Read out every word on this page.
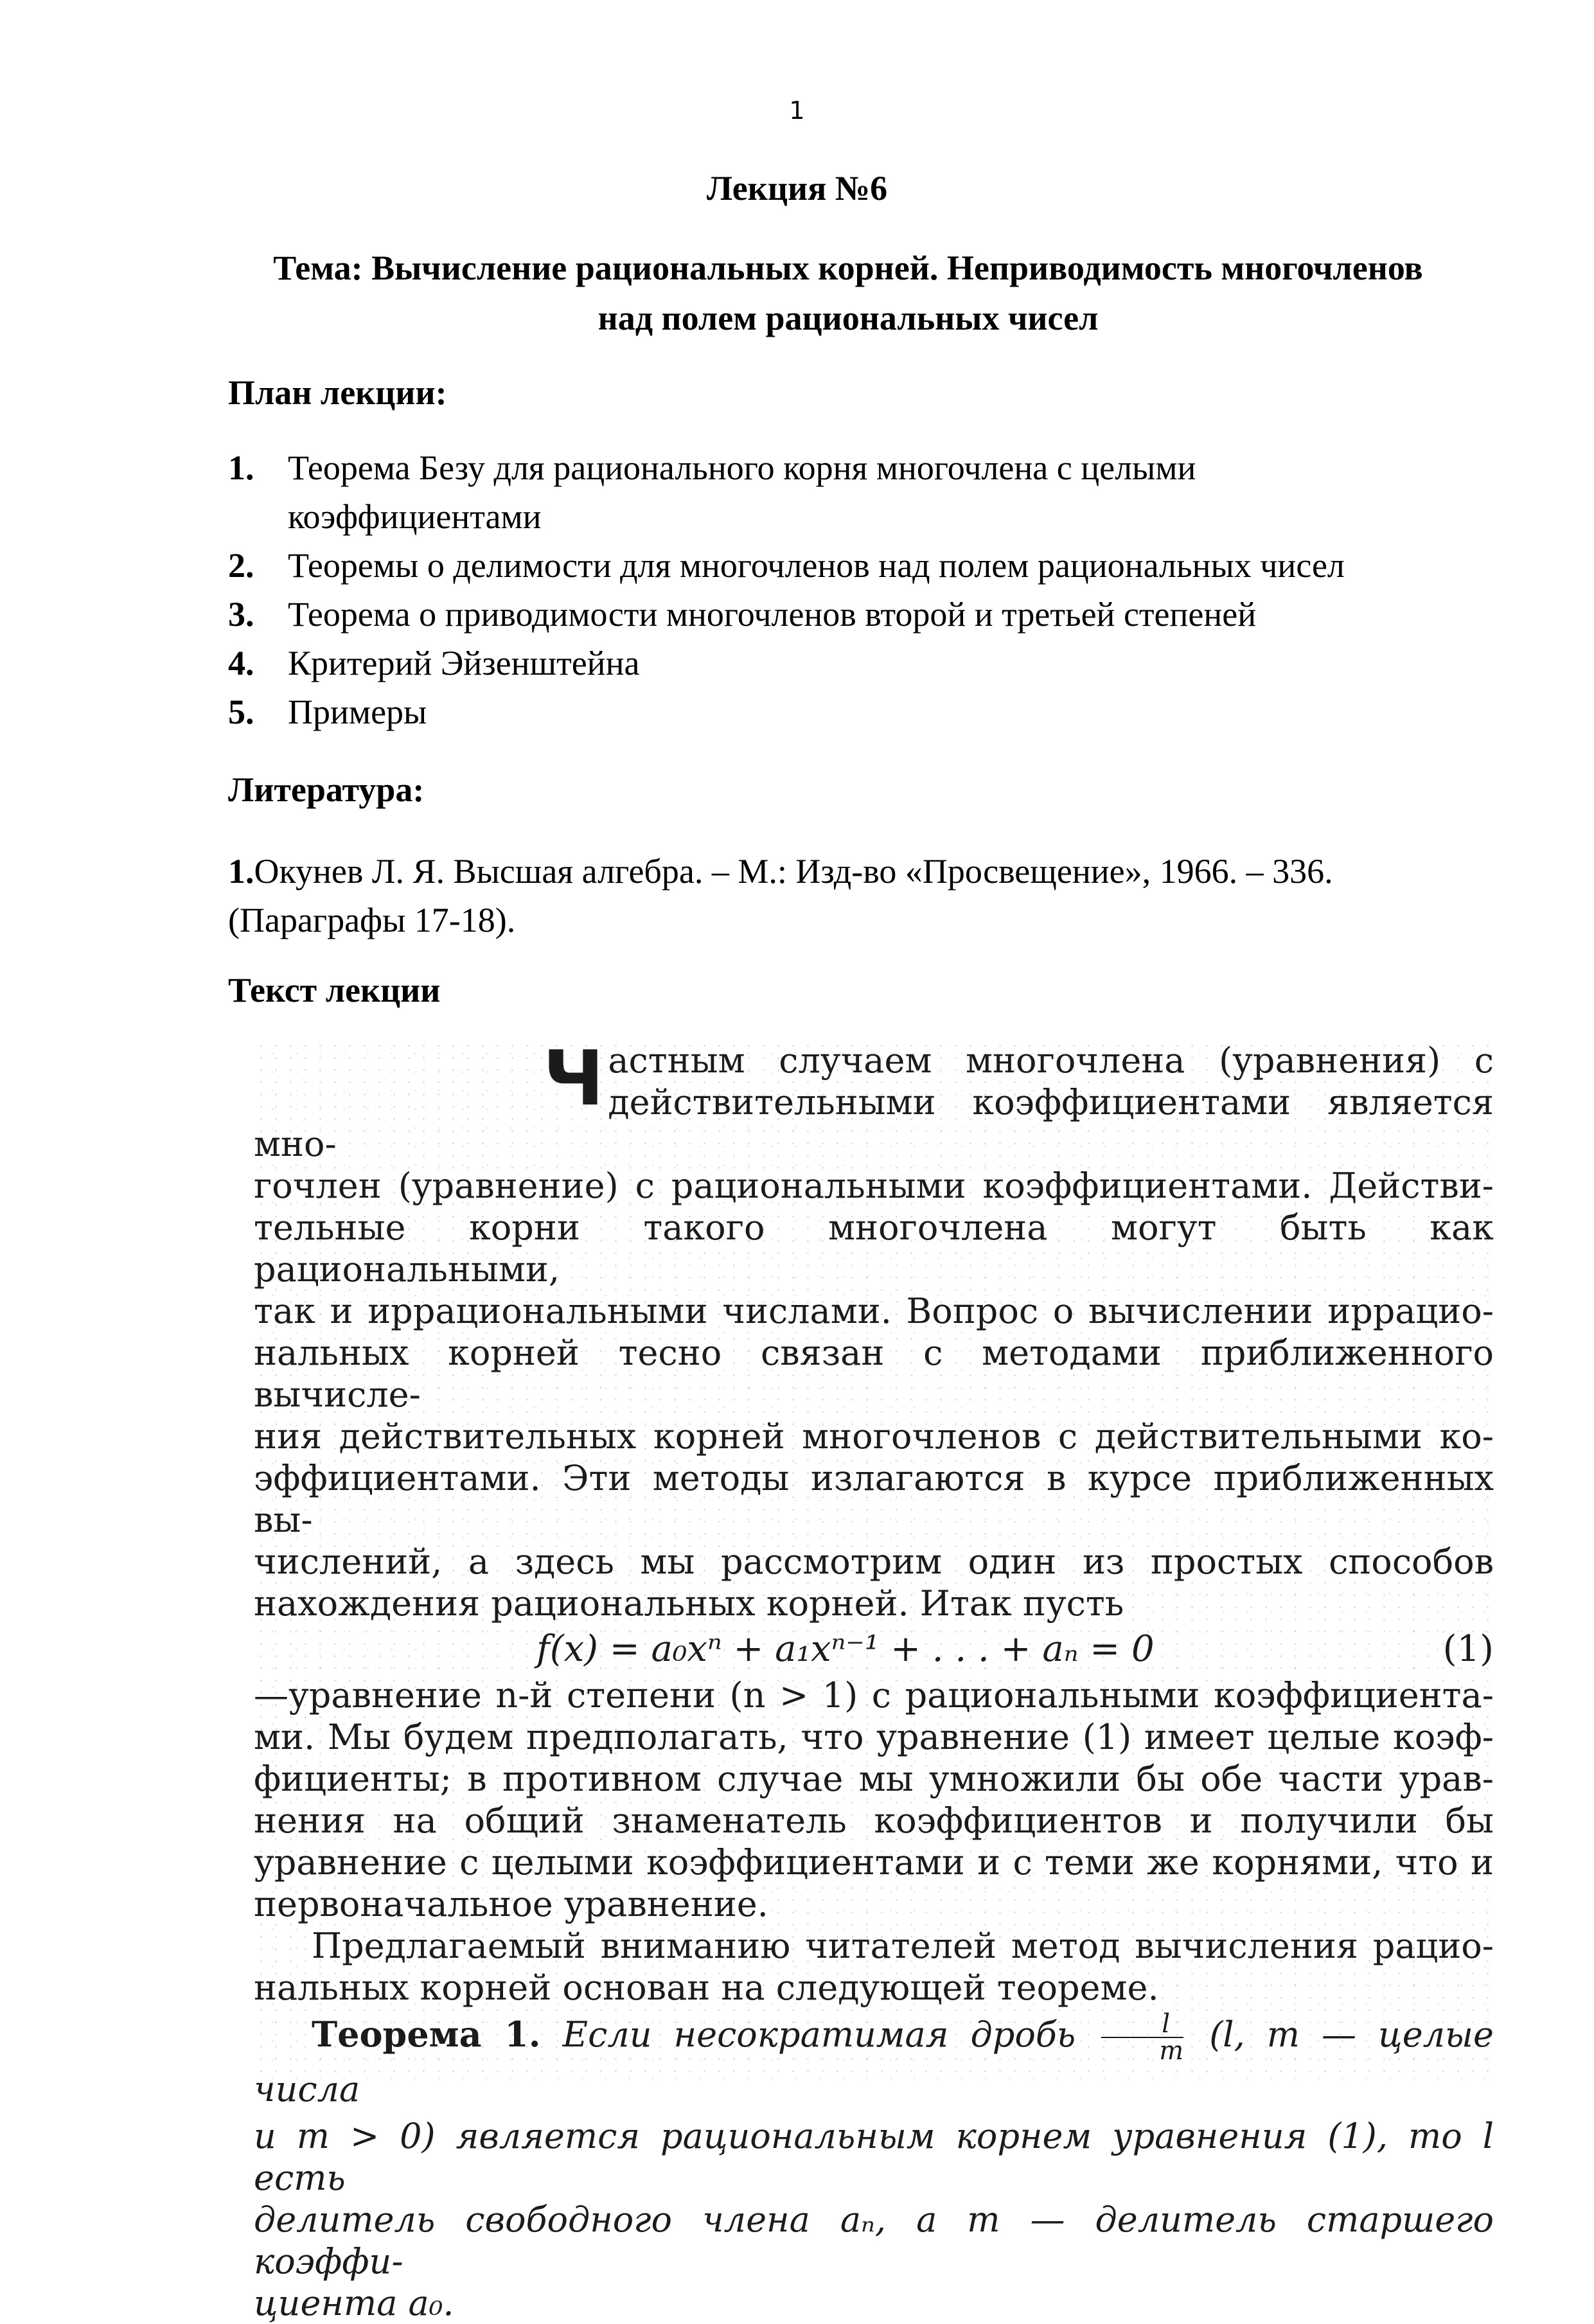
1
Лекция №6
Тема: Вычисление рациональных корней. Неприводимость многочленов
над полем рациональных чисел
План лекции:
1. Теорема Безу для рационального корня многочлена с целыми
коэффициентами
2. Теоремы о делимости для многочленов над полем рациональных чисел
3. Теорема о приводимости многочленов второй и третьей степеней
4. Критерий Эйзенштейна
5. Примеры
Литература:
1.Окунев Л. Я. Высшая алгебра. – М.: Изд-во «Просвещение», 1966. – 336.
(Параграфы 17-18).
Текст лекции
Ч астным случаем многочлена (уравнения) с

действительными коэффициентами является мно-

гочлен (уравнение) с рациональными коэффициентами. Действи-

тельные корни такого многочлена могут быть как рациональными,

так и иррациональными числами. Вопрос о вычислении иррацио-

нальных корней тесно связан с методами приближенного вычисле-

ния действительных корней многочленов с действительными ко-

эффициентами. Эти методы излагаются в курсе приближенных вы-

числений, а здесь мы рассмотрим один из простых способов

нахождения рациональных корней. Итак пусть

f(x) = a₀xⁿ + a₁xⁿ⁻¹ + . . . + aₙ = 0	(1)

—уравнение n-й степени (n > 1) с рациональными коэффициента-

ми. Мы будем предполагать, что уравнение (1) имеет целые коэф-

фициенты; в противном случае мы умножили бы обе части урав-

нения на общий знаменатель коэффициентов и получили бы

уравнение с целыми коэффициентами и с теми же корнями, что и

первоначальное уравнение.

Предлагаемый вниманию читателей метод вычисления рацио-

нальных корней основан на следующей теореме.

Теорема 1. Если несократимая дробь $\frac{l}{m} (l$, m — целые числа

и m > 0) является рациональным корнем уравнения (1), то l есть

делитель свободного члена aₙ, а m — делитель старшего коэффи-

циента a₀.
